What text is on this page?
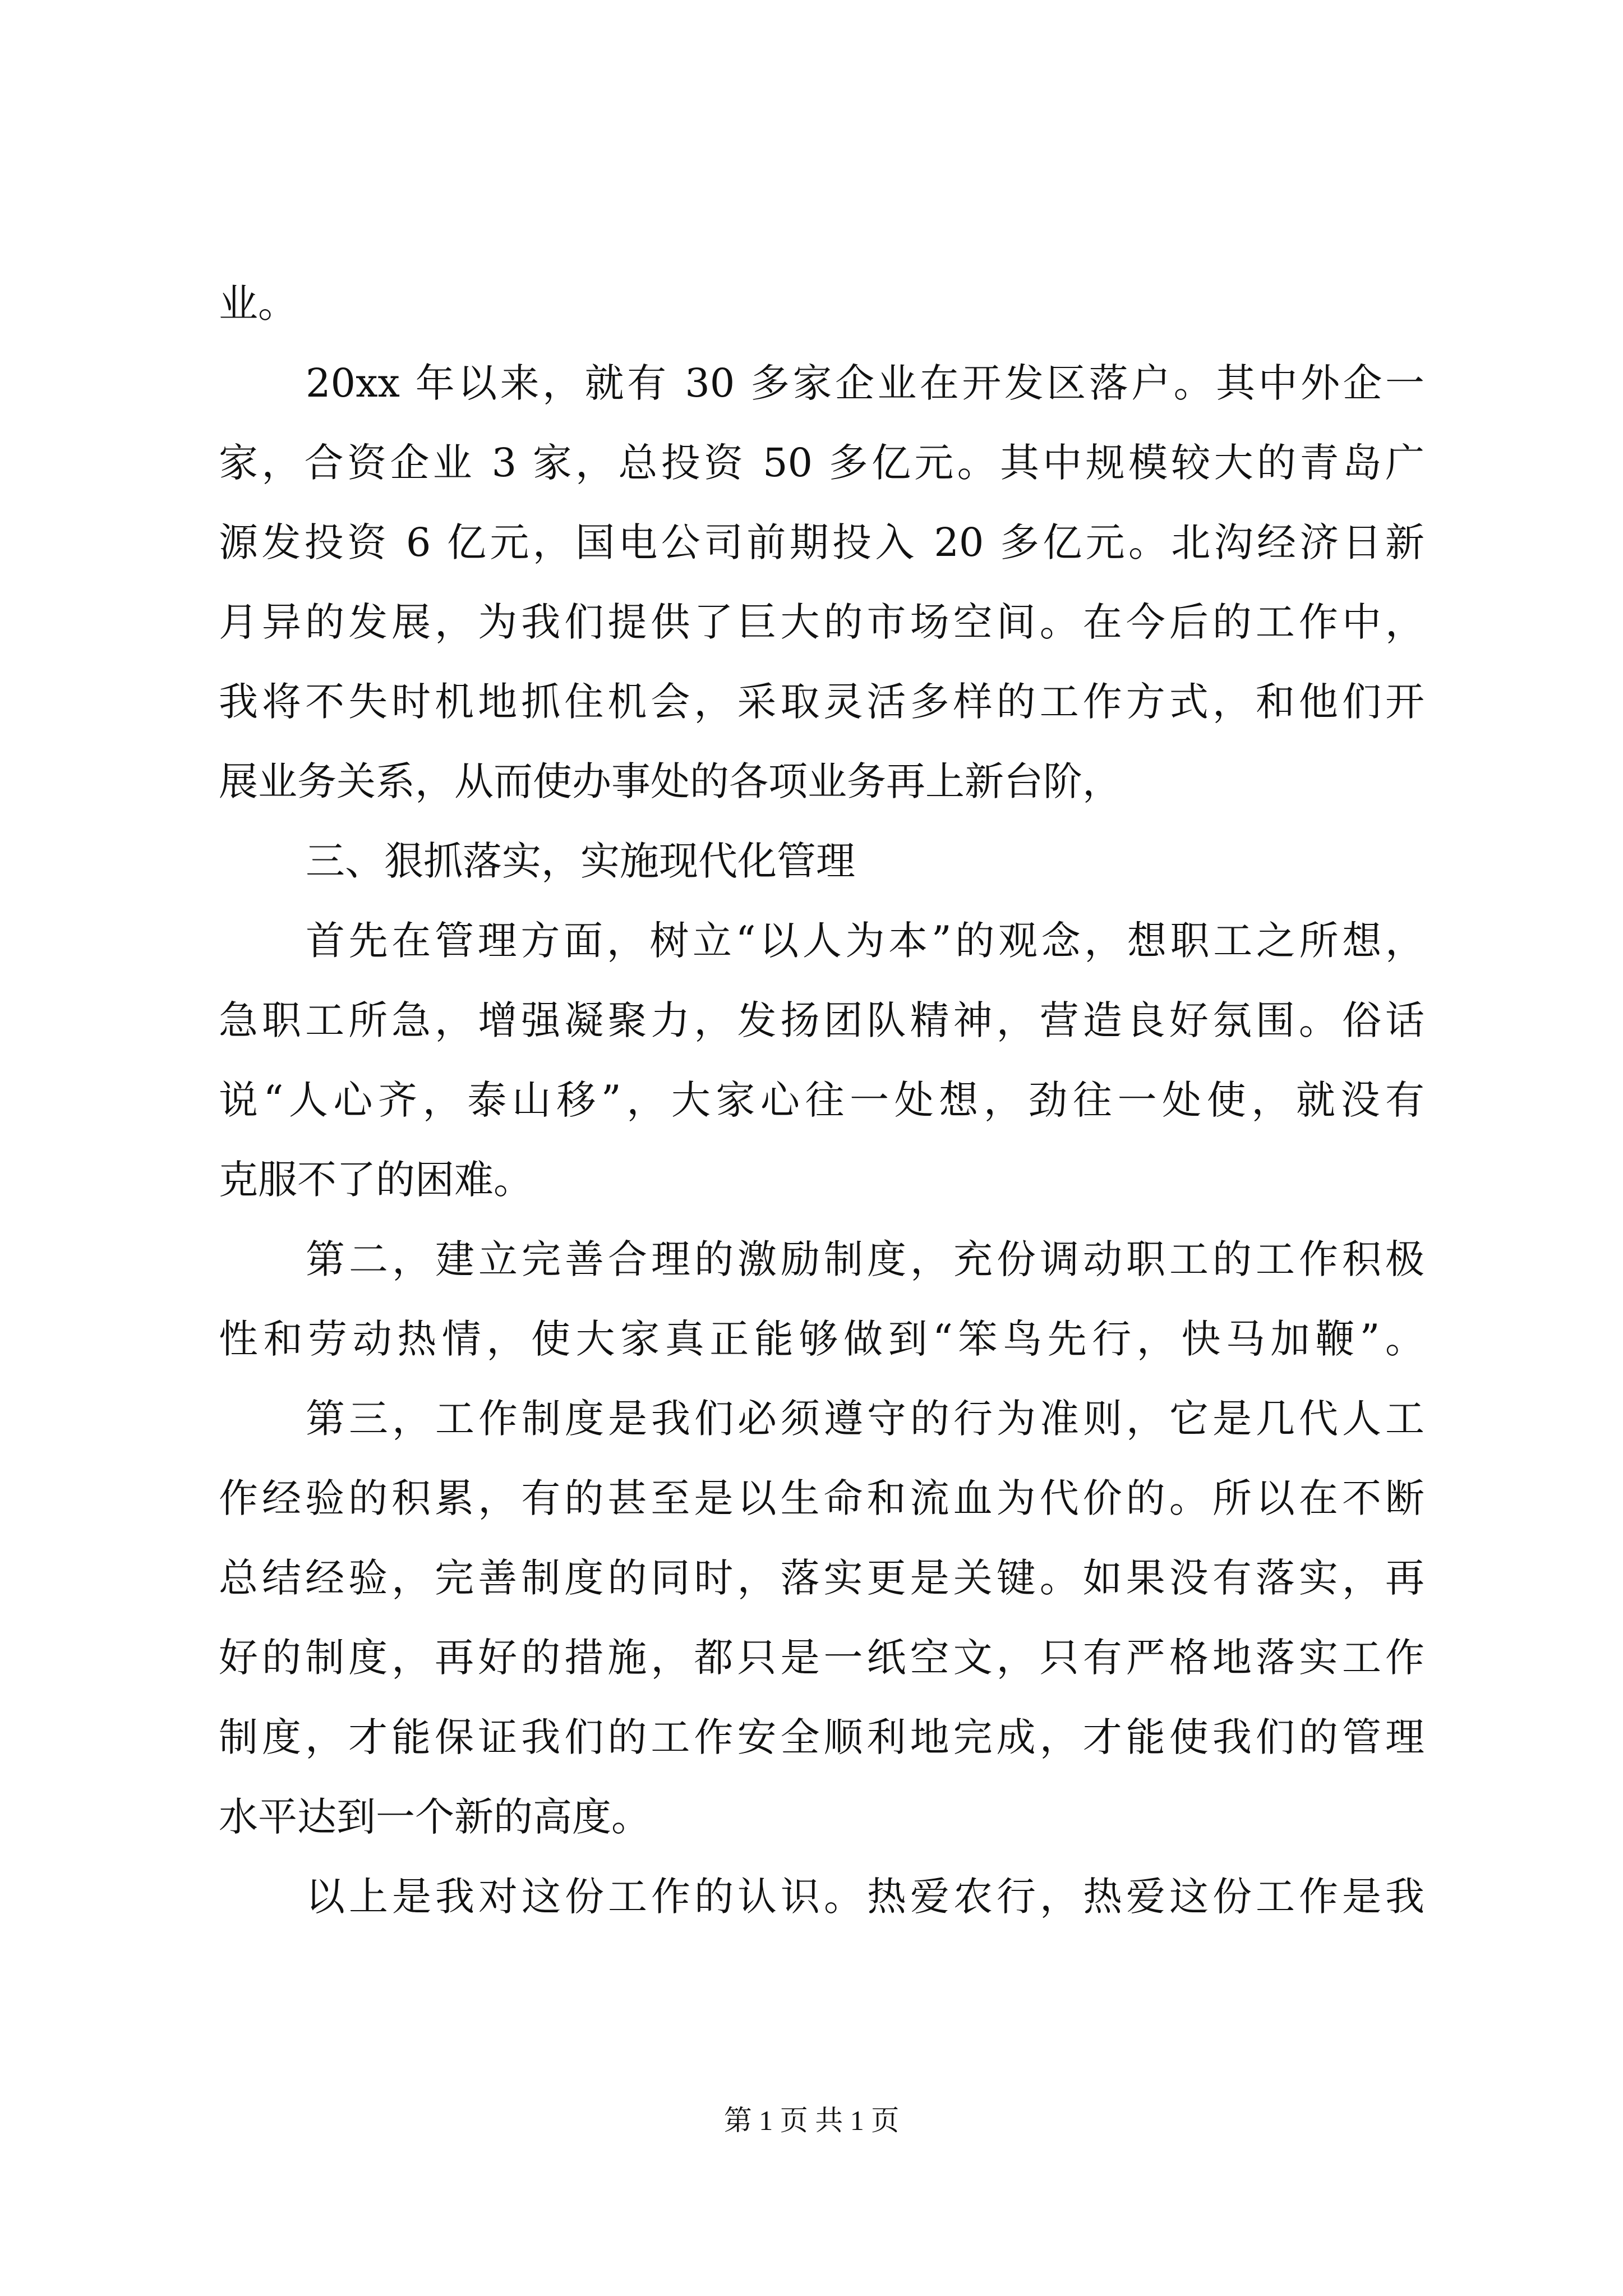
业。
20xx 年以来，就有 30 多家企业在开发区落户。其中外企一
家，合资企业 3 家，总投资 50 多亿元。其中规模较大的青岛广
源发投资 6 亿元，国电公司前期投入 20 多亿元。北沟经济日新
月异的发展，为我们提供了巨大的市场空间。在今后的工作中，
我将不失时机地抓住机会，采取灵活多样的工作方式，和他们开
展业务关系，从而使办事处的各项业务再上新台阶，
三、狠抓落实，实施现代化管理
首先在管理方面，树立“以人为本”的观念，想职工之所想，
急职工所急，增强凝聚力，发扬团队精神，营造良好氛围。俗话
说“人心齐，泰山移”，大家心往一处想，劲往一处使，就没有
克服不了的困难。
第二，建立完善合理的激励制度，充份调动职工的工作积极
性和劳动热情，使大家真正能够做到“笨鸟先行，快马加鞭”。
第三，工作制度是我们必须遵守的行为准则，它是几代人工
作经验的积累，有的甚至是以生命和流血为代价的。所以在不断
总结经验，完善制度的同时，落实更是关键。如果没有落实，再
好的制度，再好的措施，都只是一纸空文，只有严格地落实工作
制度，才能保证我们的工作安全顺利地完成，才能使我们的管理
水平达到一个新的高度。
以上是我对这份工作的认识。热爱农行，热爱这份工作是我
第 1 页 共 1 页
